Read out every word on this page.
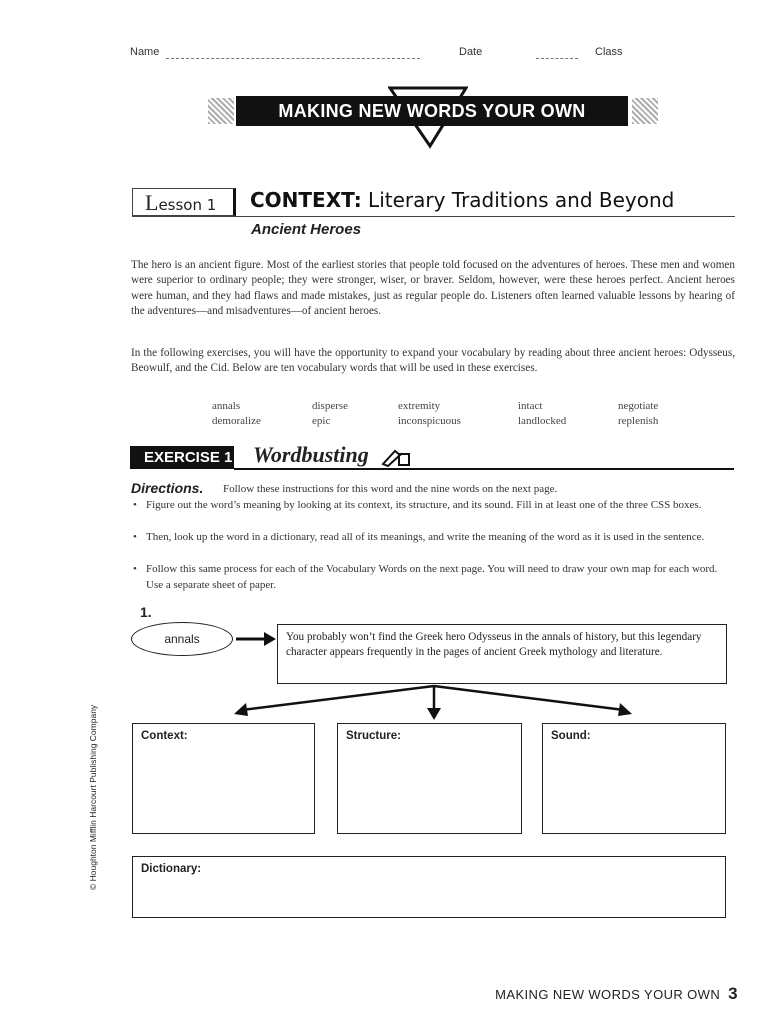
Name	Date	Class
MAKING NEW WORDS YOUR OWN
Lesson 1	CONTEXT: Literary Traditions and Beyond
Ancient Heroes
The hero is an ancient figure. Most of the earliest stories that people told focused on the adventures of heroes. These men and women were superior to ordinary people; they were stronger, wiser, or braver. Seldom, however, were these heroes perfect. Ancient heroes were human, and they had flaws and made mistakes, just as regular people do. Listeners often learned valuable lessons by hearing of the adventures—and misadventures—of ancient heroes.
In the following exercises, you will have the opportunity to expand your vocabulary by reading about three ancient heroes: Odysseus, Beowulf, and the Cid. Below are ten vocabulary words that will be used in these exercises.
annals	disperse	extremity	intact	negotiate
demoralize	epic	inconspicuous	landlocked	replenish
EXERCISE 1 Wordbusting
Directions. Follow these instructions for this word and the nine words on the next page.
• Figure out the word’s meaning by looking at its context, its structure, and its sound. Fill in at least one of the three CSS boxes.
• Then, look up the word in a dictionary, read all of its meanings, and write the meaning of the word as it is used in the sentence.
• Follow this same process for each of the Vocabulary Words on the next page. You will need to draw your own map for each word. Use a separate sheet of paper.
1.
annals	You probably won’t find the Greek hero Odysseus in the annals of history, but this legendary character appears frequently in the pages of ancient Greek mythology and literature.
Context:	Structure:	Sound:
Dictionary:
© Houghton Mifflin Harcourt Publishing Company
MAKING NEW WORDS YOUR OWN 3
